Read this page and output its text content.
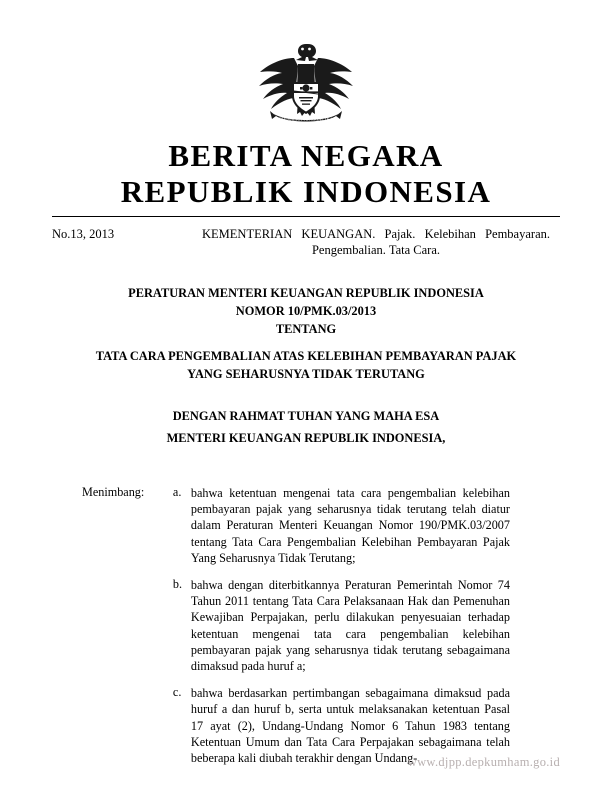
BHINNEKA TUNGGAL IKA
BERITA NEGARA
REPUBLIK INDONESIA
No.13, 2013	KEMENTERIAN KEUANGAN. Pajak. Kelebihan Pembayaran. Pengembalian. Tata Cara.
PERATURAN MENTERI KEUANGAN REPUBLIK INDONESIA
NOMOR 10/PMK.03/2013
TENTANG
TATA CARA PENGEMBALIAN ATAS KELEBIHAN PEMBAYARAN PAJAK
YANG SEHARUSNYA TIDAK TERUTANG
DENGAN RAHMAT TUHAN YANG MAHA ESA
MENTERI KEUANGAN REPUBLIK INDONESIA,
Menimbang :	a. bahwa ketentuan mengenai tata cara pengembalian kelebihan pembayaran pajak yang seharusnya tidak terutang telah diatur dalam Peraturan Menteri Keuangan Nomor 190/PMK.03/2007 tentang Tata Cara Pengembalian Kelebihan Pembayaran Pajak Yang Seharusnya Tidak Terutang;
b. bahwa dengan diterbitkannya Peraturan Pemerintah Nomor 74 Tahun 2011 tentang Tata Cara Pelaksanaan Hak dan Pemenuhan Kewajiban Perpajakan, perlu dilakukan penyesuaian terhadap ketentuan mengenai tata cara pengembalian kelebihan pembayaran pajak yang seharusnya tidak terutang sebagaimana dimaksud pada huruf a;
c. bahwa berdasarkan pertimbangan sebagaimana dimaksud pada huruf a dan huruf b, serta untuk melaksanakan ketentuan Pasal 17 ayat (2), Undang-Undang Nomor 6 Tahun 1983 tentang Ketentuan Umum dan Tata Cara Perpajakan sebagaimana telah beberapa kali diubah terakhir dengan Undang-
www.djpp.depkumham.go.id
